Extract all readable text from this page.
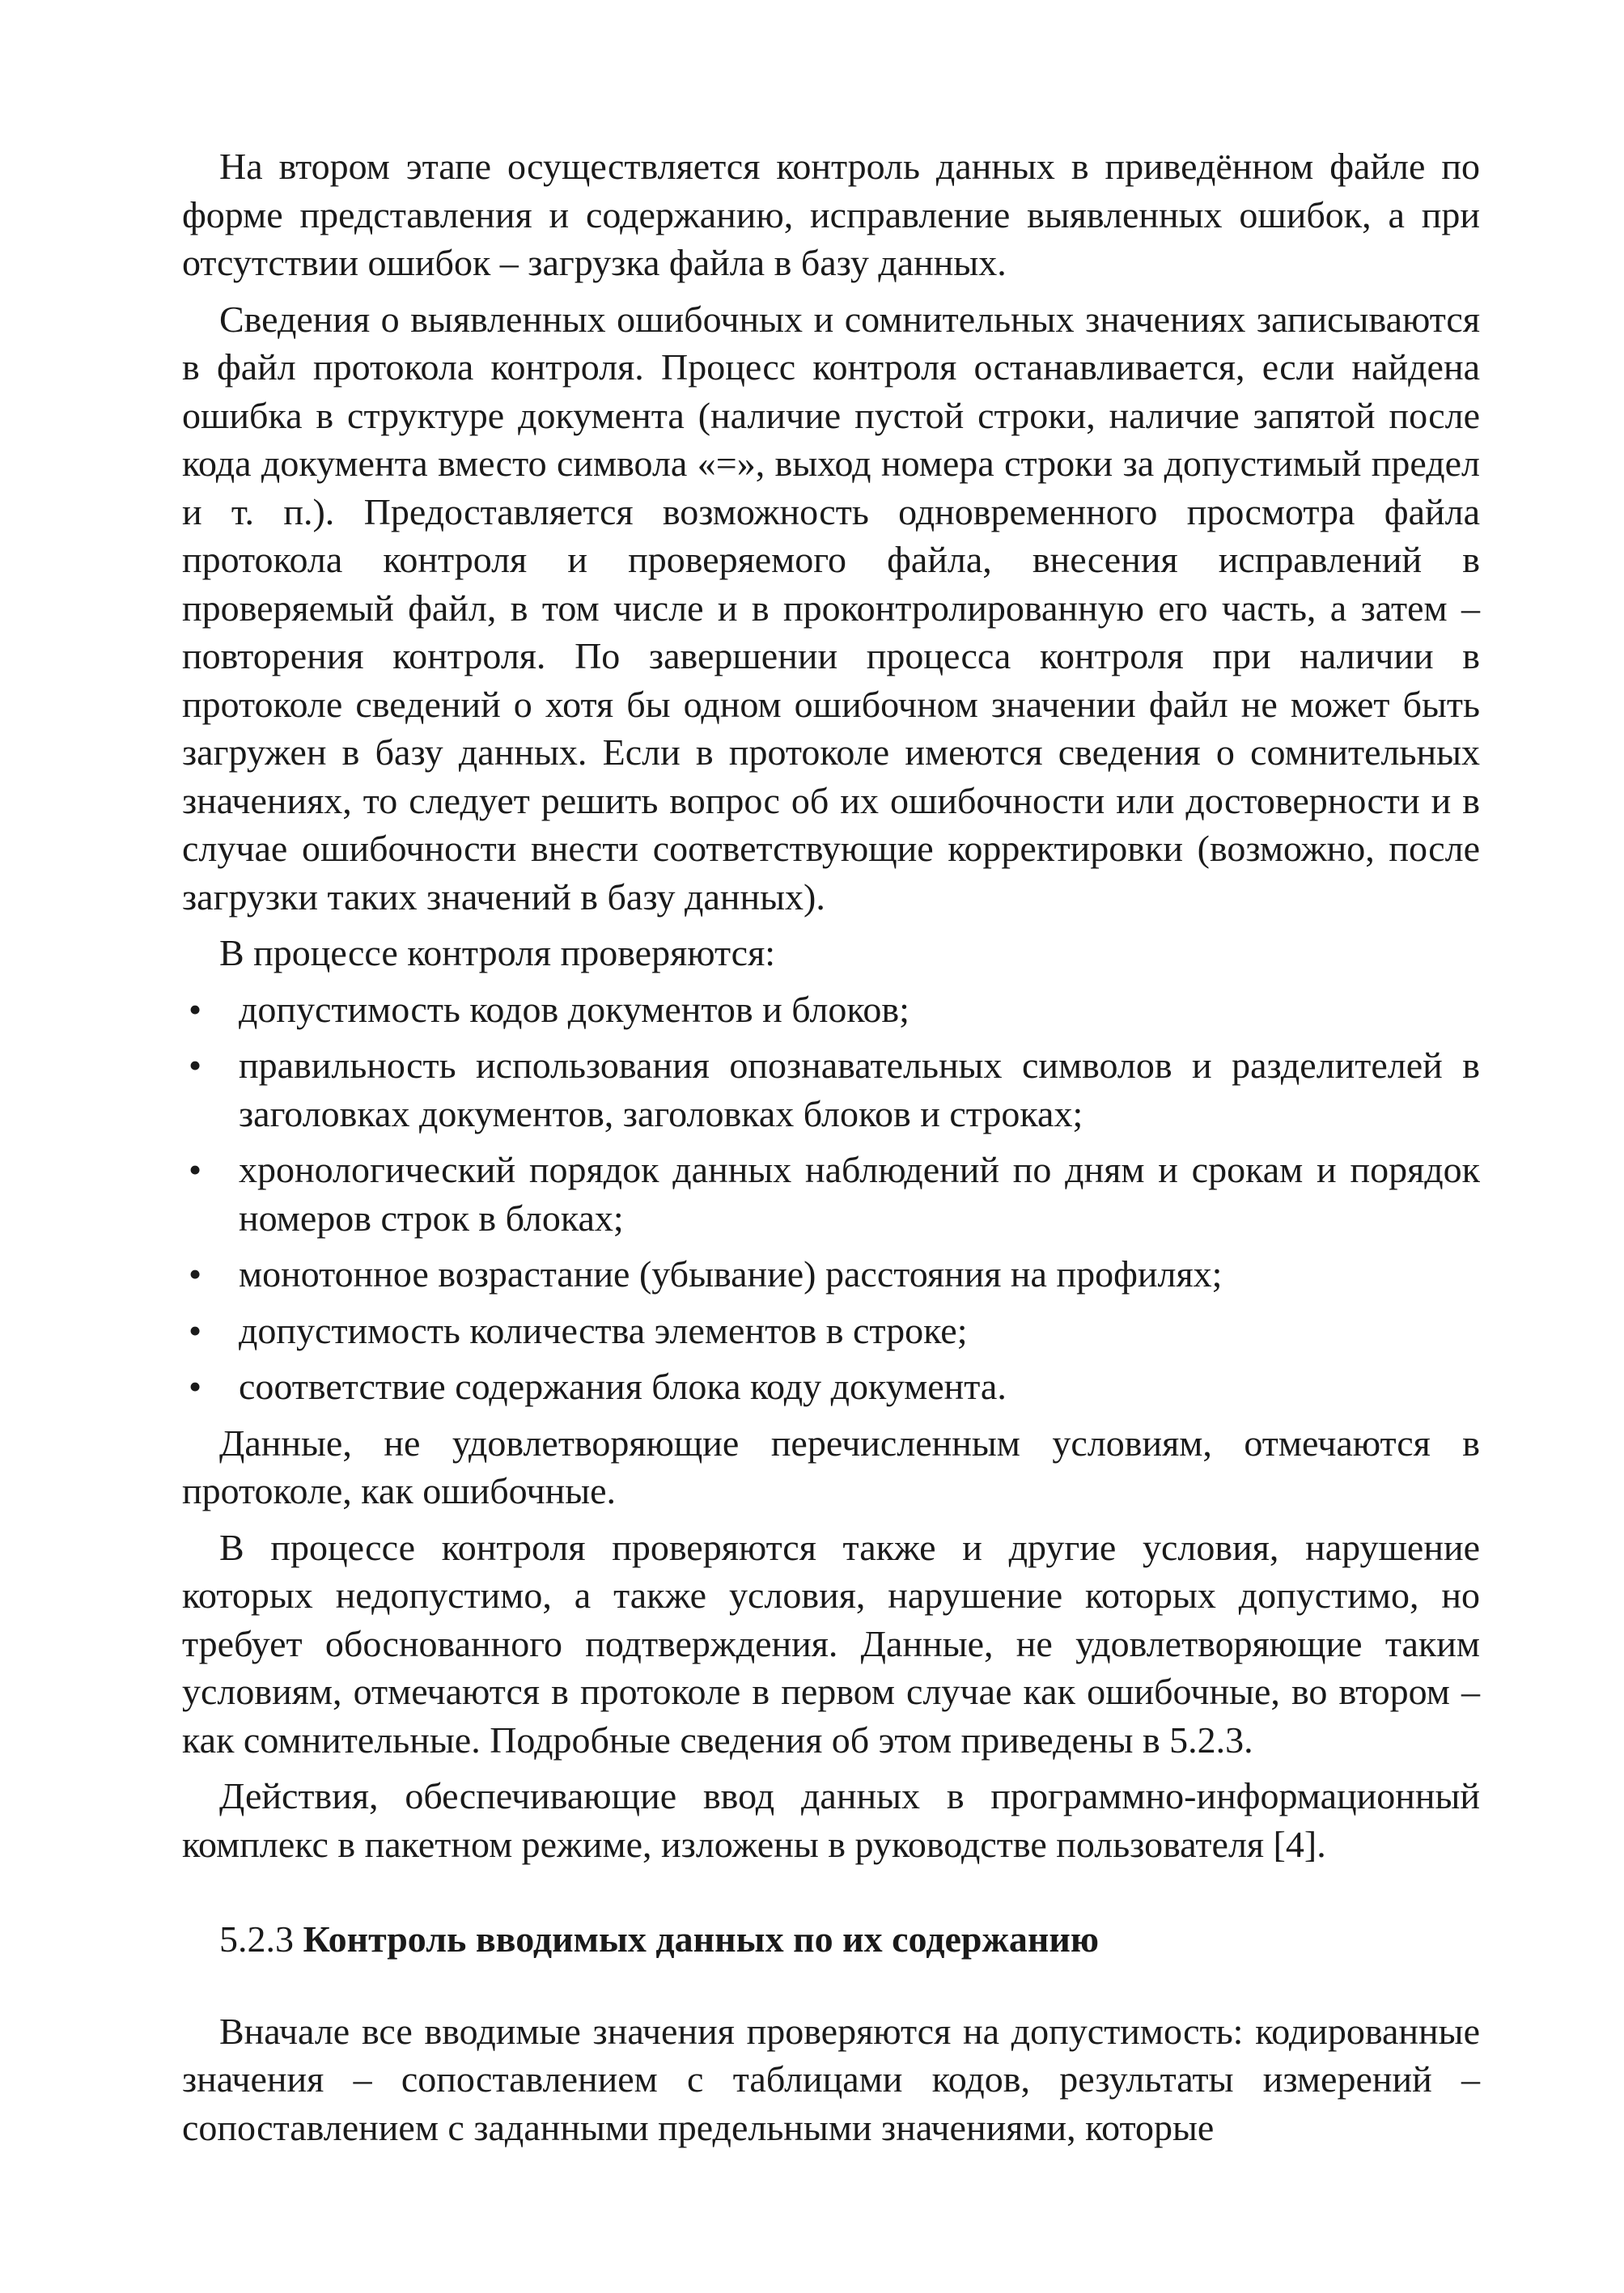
На втором этапе осуществляется контроль данных в приведённом файле по форме представления и содержанию, исправление выявленных ошибок, а при отсутствии ошибок – загрузка файла в базу данных.

Сведения о выявленных ошибочных и сомнительных значениях записываются в файл протокола контроля. Процесс контроля останавливается, если найдена ошибка в структуре документа (наличие пустой строки, наличие запятой после кода документа вместо символа «=», выход номера строки за допустимый предел и т. п.). Предоставляется возможность одновременного просмотра файла протокола контроля и проверяемого файла, внесения исправлений в проверяемый файл, в том числе и в проконтролированную его часть, а затем – повторения контроля. По завершении процесса контроля при наличии в протоколе сведений о хотя бы одном ошибочном значении файл не может быть загружен в базу данных. Если в протоколе имеются сведения о сомнительных значениях, то следует решить вопрос об их ошибочности или достоверности и в случае ошибочности внести соответствующие корректировки (возможно, после загрузки таких значений в базу данных).

В процессе контроля проверяются:

• допустимость кодов документов и блоков;
• правильность использования опознавательных символов и разделителей в заголовках документов, заголовках блоков и строках;
• хронологический порядок данных наблюдений по дням и срокам и порядок номеров строк в блоках;
• монотонное возрастание (убывание) расстояния на профилях;
• допустимость количества элементов в строке;
• соответствие содержания блока коду документа.

Данные, не удовлетворяющие перечисленным условиям, отмечаются в протоколе, как ошибочные.

В процессе контроля проверяются также и другие условия, нарушение которых недопустимо, а также условия, нарушение которых допустимо, но требует обоснованного подтверждения. Данные, не удовлетворяющие таким условиям, отмечаются в протоколе в первом случае как ошибочные, во втором – как сомнительные. Подробные сведения об этом приведены в 5.2.3.

Действия, обеспечивающие ввод данных в программно-информационный комплекс в пакетном режиме, изложены в руководстве пользователя [4].

5.2.3 Контроль вводимых данных по их содержанию

Вначале все вводимые значения проверяются на допустимость: кодированные значения – сопоставлением с таблицами кодов, результаты измерений – сопоставлением с заданными предельными значениями, которые
